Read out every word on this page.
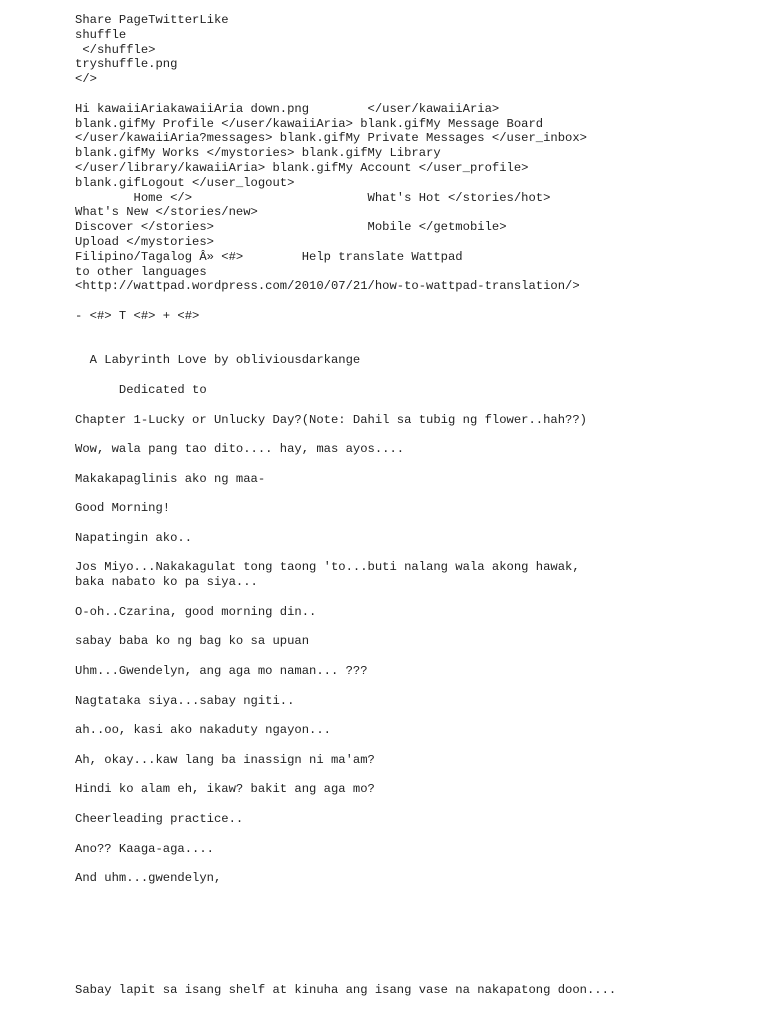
Share PageTwitterLike
shuffle
</shuffle>
tryshuffle.png
</>
Hi kawaiiAriakawaiiAria down.png        </user/kawaiiAria>
blank.gifMy Profile </user/kawaiiAria> blank.gifMy Message Board
</user/kawaiiAria?messages> blank.gifMy Private Messages </user_inbox>
blank.gifMy Works </mystories> blank.gifMy Library
</user/library/kawaiiAria> blank.gifMy Account </user_profile>
blank.gifLogout </user_logout>
Home </>                        What's Hot </stories/hot>
What's New </stories/new>
Discover </stories>                     Mobile </getmobile>
Upload </mystories>
Filipino/Tagalog Â» <#>        Help translate Wattpad
to other languages
<http://wattpad.wordpress.com/2010/07/21/how-to-wattpad-translation/>
- <#> T <#> + <#>
A Labyrinth Love by obliviousdarkange
Dedicated to
Chapter 1-Lucky or Unlucky Day?(Note: Dahil sa tubig ng flower..hah??)
Wow, wala pang tao dito.... hay, mas ayos....
Makakapaglinis ako ng maa-
Good Morning!
Napatingin ako..
Jos Miyo...Nakakagulat tong taong 'to...buti nalang wala akong hawak,
baka nabato ko pa siya...
O-oh..Czarina, good morning din..
sabay baba ko ng bag ko sa upuan
Uhm...Gwendelyn, ang aga mo naman... ???
Nagtataka siya...sabay ngiti..
ah..oo, kasi ako nakaduty ngayon...
Ah, okay...kaw lang ba inassign ni ma'am?
Hindi ko alam eh, ikaw? bakit ang aga mo?
Cheerleading practice..
Ano?? Kaaga-aga....
And uhm...gwendelyn,
Sabay lapit sa isang shelf at kinuha ang isang vase na nakapatong doon....
